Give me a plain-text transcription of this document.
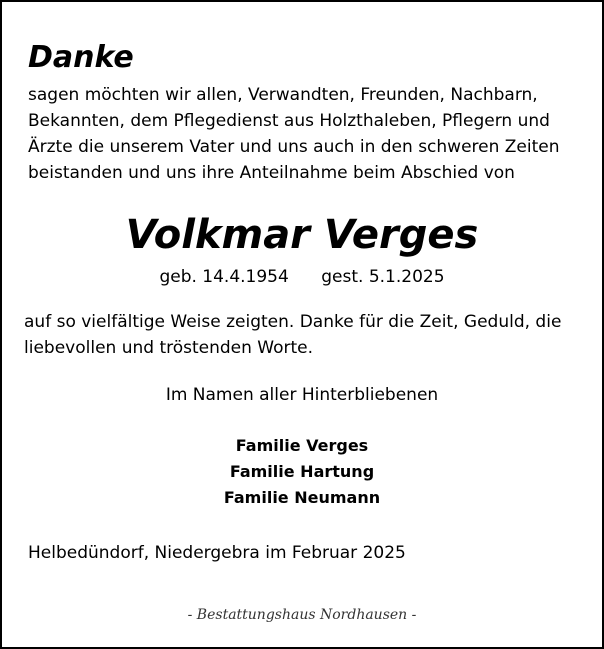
Danke
sagen möchten wir allen, Verwandten, Freunden, Nachbarn,
Bekannten, dem Pflegedienst aus Holzthaleben, Pflegern und
Ärzte die unserem Vater und uns auch in den schweren Zeiten
beistanden und uns ihre Anteilnahme beim Abschied von
Volkmar Verges
geb. 14.4.1954 gest. 5.1.2025
auf so vielfältige Weise zeigten. Danke für die Zeit, Geduld, die
liebevollen und tröstenden Worte.
Im Namen aller Hinterbliebenen
Familie Verges
Familie Hartung
Familie Neumann
Helbedündorf, Niedergebra im Februar 2025
- Bestattungshaus Nordhausen -
